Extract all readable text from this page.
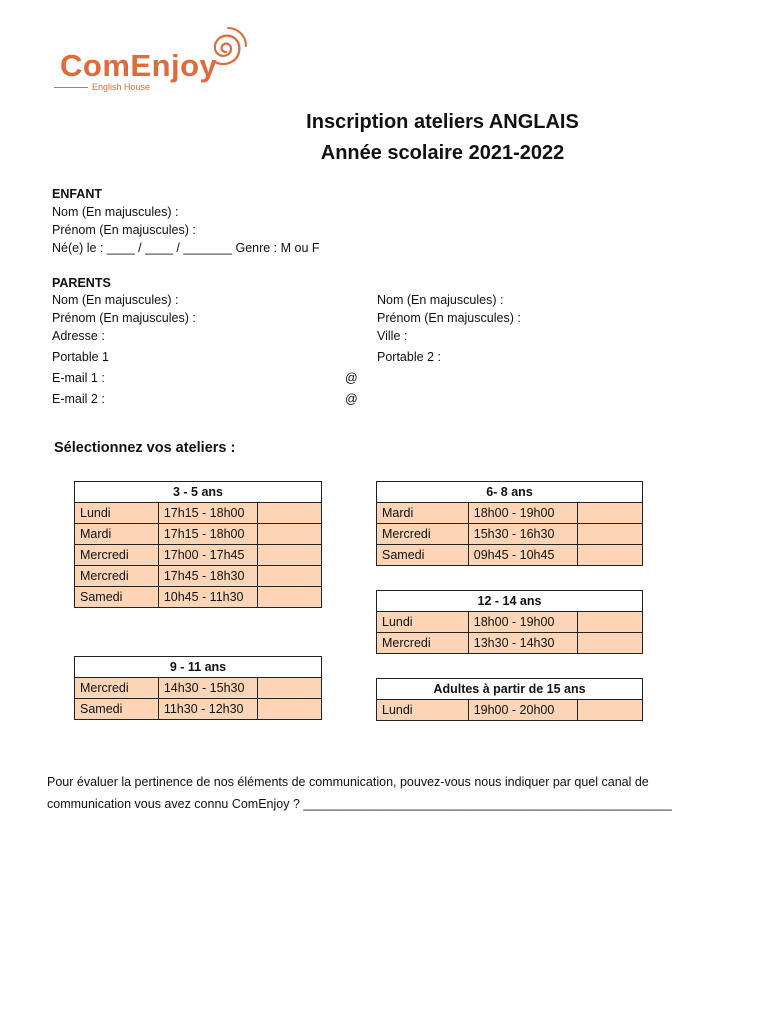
ComEnjoy
English House
Inscription ateliers ANGLAIS
Année scolaire 2021-2022
ENFANT
Nom (En majuscules) :
Prénom (En majuscules) :
Né(e) le : ____ / ____ / _______ Genre : M ou F
PARENTS
Nom (En majuscules) :
Prénom (En majuscules) :
Adresse :
Portable 1
E-mail 1 :
E-mail 2 :
@
@
Nom (En majuscules) :
Prénom (En majuscules) :
Ville :
Portable 2 :
Sélectionnez vos ateliers :
3 - 5 ans		
Lundi	17h15 - 18h00	
Mardi	17h15 - 18h00	
Mercredi	17h00 - 17h45	
Mercredi	17h45 - 18h30	
Samedi	10h45 - 11h30	
9 - 11 ans		
Mercredi	14h30 - 15h30	
Samedi	11h30 - 12h30	
6- 8 ans		
Mardi	18h00 - 19h00	
Mercredi	15h30 - 16h30	
Samedi	09h45 - 10h45	
12 - 14 ans		
Lundi	18h00 - 19h00	
Mercredi	13h30 - 14h30	
Adultes à partir de 15 ans
Lundi	19h00 - 20h00	
Pour évaluer la pertinence de nos éléments de communication, pouvez-vous nous indiquer par quel canal de
communication vous avez connu ComEnjoy ? _____________________________________________________
